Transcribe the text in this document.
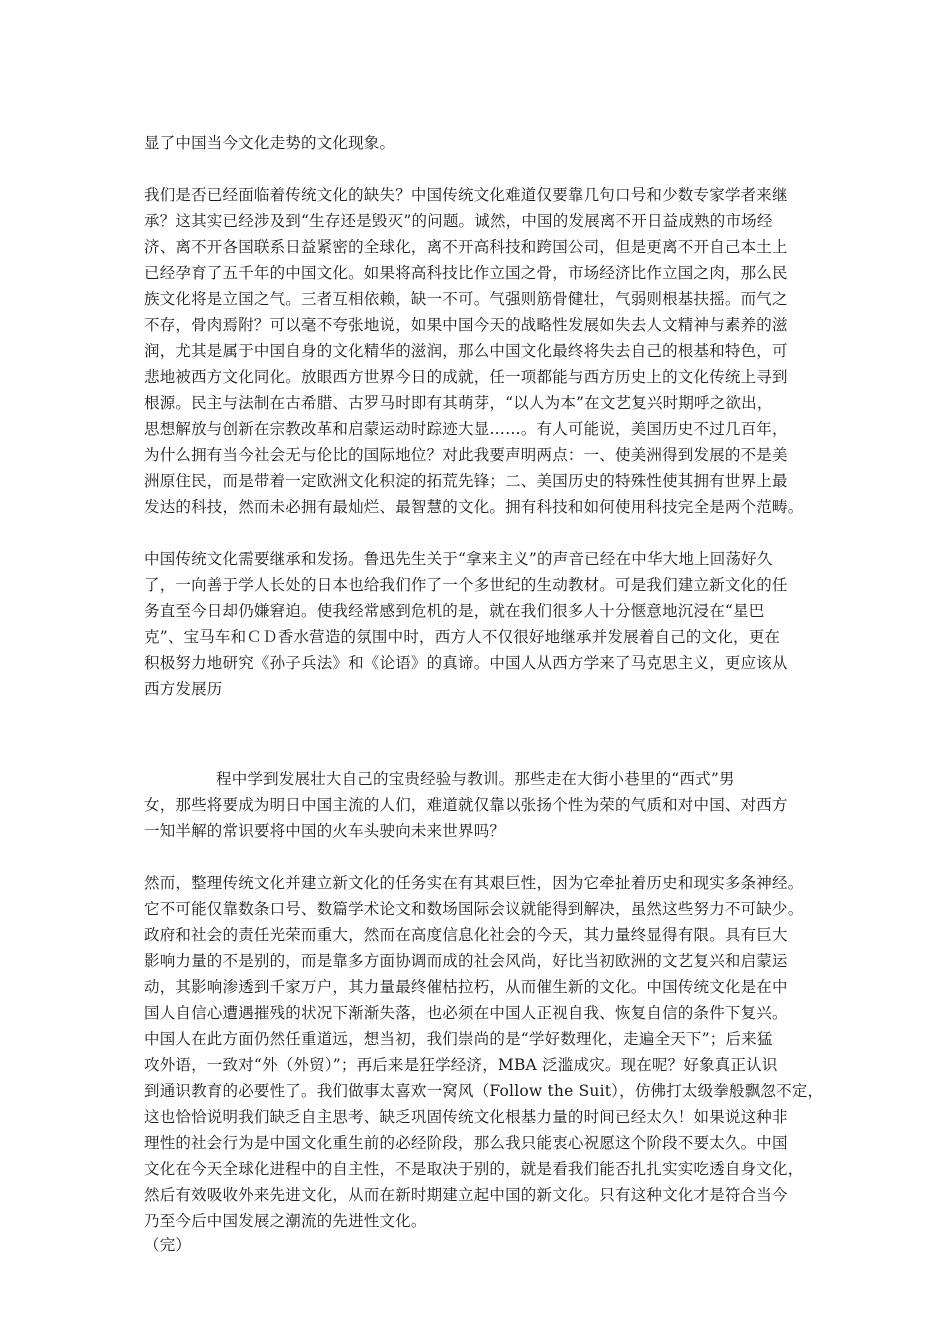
显了中国当今文化走势的文化现象。

我们是否已经面临着传统文化的缺失？中国传统文化难道仅要靠几句口号和少数专家学者来继

承？这其实已经涉及到“生存还是毁灭”的问题。诚然，中国的发展离不开日益成熟的市场经

济、离不开各国联系日益紧密的全球化，离不开高科技和跨国公司，但是更离不开自己本土上

已经孕育了五千年的中国文化。如果将高科技比作立国之骨，市场经济比作立国之肉，那么民

族文化将是立国之气。三者互相依赖，缺一不可。气强则筋骨健壮，气弱则根基扶摇。而气之

不存，骨肉焉附？可以毫不夸张地说，如果中国今天的战略性发展如失去人文精神与素养的滋

润，尤其是属于中国自身的文化精华的滋润，那么中国文化最终将失去自己的根基和特色，可

悲地被西方文化同化。放眼西方世界今日的成就，任一项都能与西方历史上的文化传统上寻到

根源。民主与法制在古希腊、古罗马时即有其萌芽，“以人为本”在文艺复兴时期呼之欲出，

思想解放与创新在宗教改革和启蒙运动时踪迹大显……。有人可能说，美国历史不过几百年，

为什么拥有当今社会无与伦比的国际地位？对此我要声明两点：一、使美洲得到发展的不是美

洲原住民，而是带着一定欧洲文化积淀的拓荒先锋；二、美国历史的特殊性使其拥有世界上最

发达的科技，然而未必拥有最灿烂、最智慧的文化。拥有科技和如何使用科技完全是两个范畴。

中国传统文化需要继承和发扬。鲁迅先生关于“拿来主义”的声音已经在中华大地上回荡好久

了，一向善于学人长处的日本也给我们作了一个多世纪的生动教材。可是我们建立新文化的任

务直至今日却仍嫌窘迫。使我经常感到危机的是，就在我们很多人十分惬意地沉浸在“星巴

克”、宝马车和ＣＤ香水营造的氛围中时，西方人不仅很好地继承并发展着自己的文化，更在

积极努力地研究《孙子兵法》和《论语》的真谛。中国人从西方学来了马克思主义，更应该从

西方发展历

程中学到发展壮大自己的宝贵经验与教训。那些走在大街小巷里的“西式”男

女，那些将要成为明日中国主流的人们，难道就仅靠以张扬个性为荣的气质和对中国、对西方

一知半解的常识要将中国的火车头驶向未来世界吗？

然而，整理传统文化并建立新文化的任务实在有其艰巨性，因为它牵扯着历史和现实多条神经。

它不可能仅靠数条口号、数篇学术论文和数场国际会议就能得到解决，虽然这些努力不可缺少。

政府和社会的责任光荣而重大，然而在高度信息化社会的今天，其力量终显得有限。具有巨大

影响力量的不是别的，而是靠多方面协调而成的社会风尚，好比当初欧洲的文艺复兴和启蒙运

动，其影响渗透到千家万户，其力量最终催枯拉朽，从而催生新的文化。中国传统文化是在中

国人自信心遭遇摧残的状况下渐渐失落，也必须在中国人正视自我、恢复自信的条件下复兴。

中国人在此方面仍然任重道远，想当初，我们崇尚的是“学好数理化，走遍全天下”；后来猛

攻外语，一致对“外（外贸）”；再后来是狂学经济，MBA 泛滥成灾。现在呢？好象真正认识

到通识教育的必要性了。我们做事太喜欢一窝风（Follow the Suit），仿佛打太级拳般飘忽不定，

这也恰恰说明我们缺乏自主思考、缺乏巩固传统文化根基力量的时间已经太久！如果说这种非

理性的社会行为是中国文化重生前的必经阶段，那么我只能衷心祝愿这个阶段不要太久。中国

文化在今天全球化进程中的自主性，不是取决于别的，就是看我们能否扎扎实实吃透自身文化，

然后有效吸收外来先进文化，从而在新时期建立起中国的新文化。只有这种文化才是符合当今

乃至今后中国发展之潮流的先进性文化。

（完）
